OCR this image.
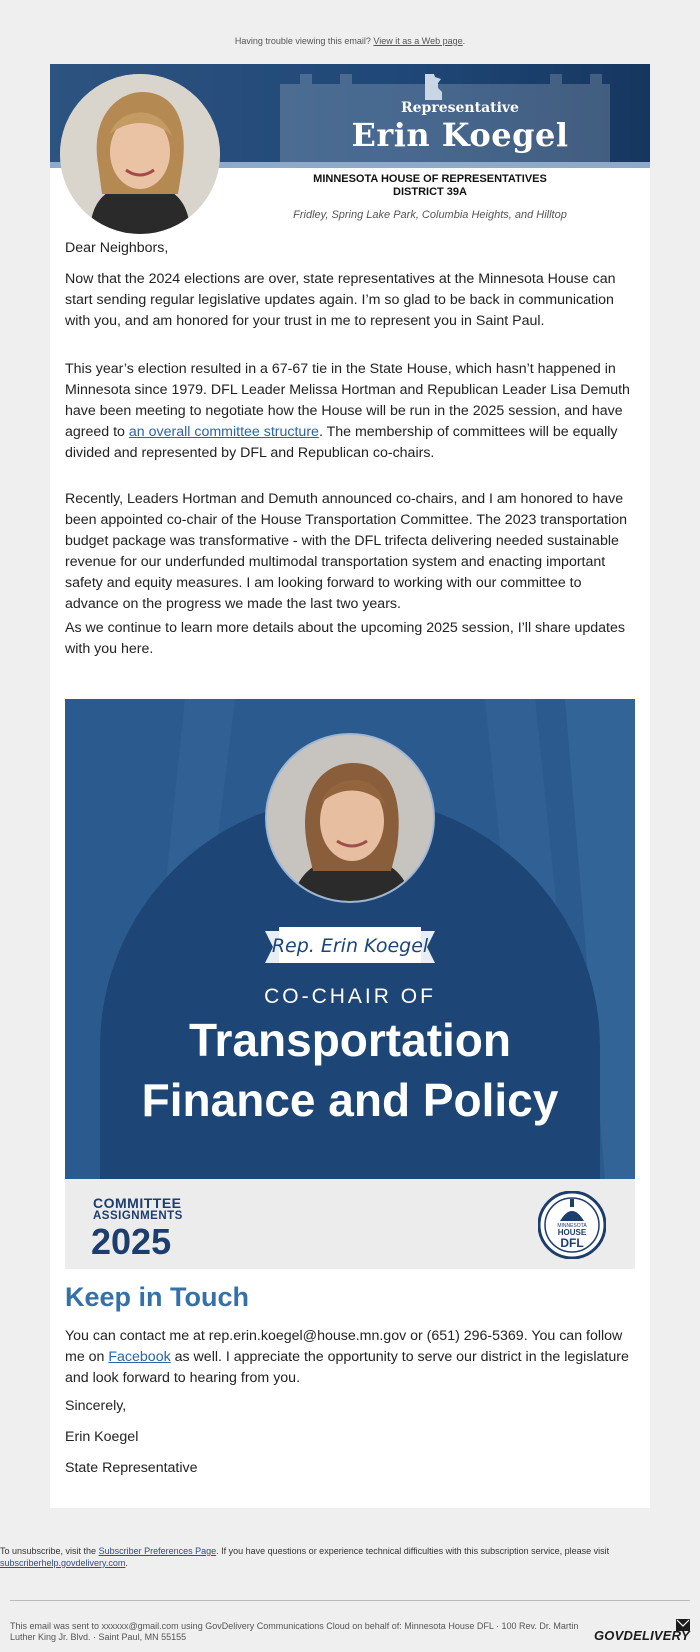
Having trouble viewing this email? View it as a Web page.
Representative
Erin Koegel
MINNESOTA HOUSE OF REPRESENTATIVES
DISTRICT 39A
Fridley, Spring Lake Park, Columbia Heights, and Hilltop
Dear Neighbors,
Now that the 2024 elections are over, state representatives at the Minnesota House can start sending regular legislative updates again. I’m so glad to be back in communication with you, and am honored for your trust in me to represent you in Saint Paul.
This year’s election resulted in a 67-67 tie in the State House, which hasn’t happened in Minnesota since 1979. DFL Leader Melissa Hortman and Republican Leader Lisa Demuth have been meeting to negotiate how the House will be run in the 2025 session, and have agreed to an overall committee structure. The membership of committees will be equally divided and represented by DFL and Republican co-chairs.
Recently, Leaders Hortman and Demuth announced co-chairs, and I am honored to have been appointed co-chair of the House Transportation Committee. The 2023 transportation budget package was transformative - with the DFL trifecta delivering needed sustainable revenue for our underfunded multimodal transportation system and enacting important safety and equity measures. I am looking forward to working with our committee to advance on the progress we made the last two years.
As we continue to learn more details about the upcoming 2025 session, I’ll share updates with you here.
Rep. Erin Koegel
CO-CHAIR OF
Transportation
Finance and Policy
COMMITTEE
ASSIGNMENTS
2025	MINNESOTA
HOUSE
DFL
Keep in Touch
You can contact me at rep.erin.koegel@house.mn.gov or (651) 296-5369. You can follow me on Facebook as well. I appreciate the opportunity to serve our district in the legislature and look forward to hearing from you.
Sincerely,
Erin Koegel
State Representative
To unsubscribe, visit the Subscriber Preferences Page. If you have questions or experience technical difficulties with this subscription service, please visit subscriberhelp.govdelivery.com.
This email was sent to xxxxxx@gmail.com using GovDelivery Communications Cloud on behalf of: Minnesota House DFL · 100 Rev. Dr. Martin Luther King Jr. Blvd. · Saint Paul, MN 55155	GOVDELIVERY
